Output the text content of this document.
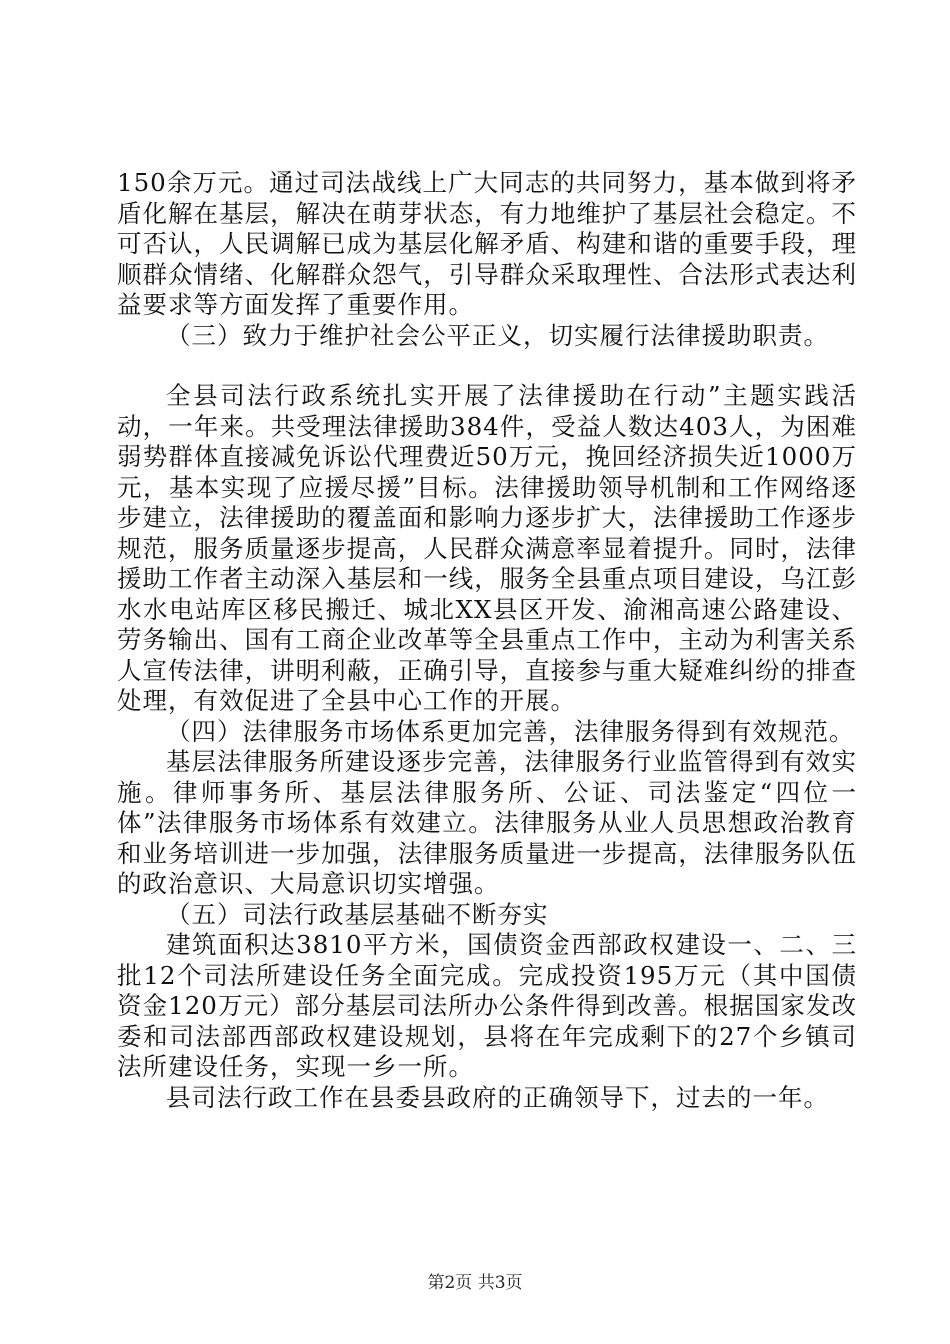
150余万元。通过司法战线上广大同志的共同努力，基本做到将矛盾化解在基层，解决在萌芽状态，有力地维护了基层社会稳定。不可否认，人民调解已成为基层化解矛盾、构建和谐的重要手段，理顺群众情绪、化解群众怨气，引导群众采取理性、合法形式表达利益要求等方面发挥了重要作用。

（三）致力于维护社会公平正义，切实履行法律援助职责。

全县司法行政系统扎实开展了法律援助在行动”主题实践活动，一年来。共受理法律援助384件，受益人数达403人，为困难弱势群体直接减免诉讼代理费近50万元，挽回经济损失近1000万元，基本实现了应援尽援”目标。法律援助领导机制和工作网络逐步建立，法律援助的覆盖面和影响力逐步扩大，法律援助工作逐步规范，服务质量逐步提高，人民群众满意率显着提升。同时，法律援助工作者主动深入基层和一线，服务全县重点项目建设，乌江彭水水电站库区移民搬迁、城北XX县区开发、渝湘高速公路建设、劳务输出、国有工商企业改革等全县重点工作中，主动为利害关系人宣传法律，讲明利蔽，正确引导，直接参与重大疑难纠纷的排查处理，有效促进了全县中心工作的开展。

（四）法律服务市场体系更加完善，法律服务得到有效规范。

基层法律服务所建设逐步完善，法律服务行业监管得到有效实施。律师事务所、基层法律服务所、公证、司法鉴定“四位一体”法律服务市场体系有效建立。法律服务从业人员思想政治教育和业务培训进一步加强，法律服务质量进一步提高，法律服务队伍的政治意识、大局意识切实增强。

（五）司法行政基层基础不断夯实

建筑面积达3810平方米，国债资金西部政权建设一、二、三批12个司法所建设任务全面完成。完成投资195万元（其中国债资金120万元）部分基层司法所办公条件得到改善。根据国家发改委和司法部西部政权建设规划，县将在年完成剩下的27个乡镇司法所建设任务，实现一乡一所。

县司法行政工作在县委县政府的正确领导下，过去的一年。

第2页 共3页
